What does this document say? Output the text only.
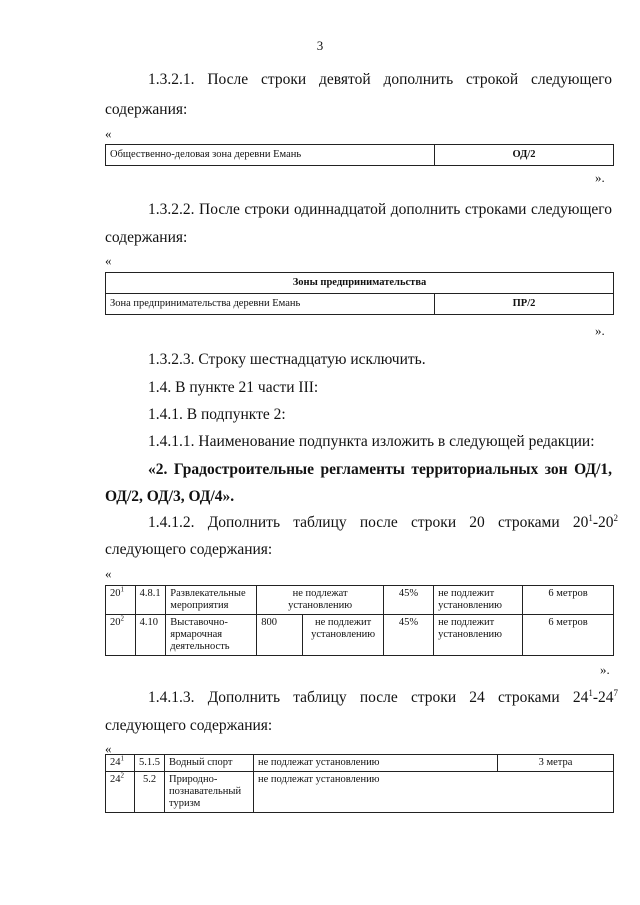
3
1.3.2.1. После строки девятой дополнить строкой следующего
содержания:
«
Общественно-деловая зона деревни Емань	ОД/2
».
1.3.2.2. После строки одиннадцатой дополнить строками следующего
содержания:
«
Зоны предпринимательства
Зона предпринимательства деревни Емань	ПР/2
».
1.3.2.3. Строку шестнадцатую исключить.
1.4. В пункте 21 части III:
1.4.1. В подпункте 2:
1.4.1.1. Наименование подпункта изложить в следующей редакции:
«2. Градостроительные регламенты территориальных зон ОД/1,
ОД/2, ОД/3, ОД/4».
1.4.1.2. Дополнить таблицу после строки 20 строками $20^1-20^2$
следующего содержания:
«
$20^1$	4.8.1	Развлекательные мероприятия	не подлежат установлению		45%	не подлежит установлению	6 метров
$20^2$	4.10	Выставочно-ярмарочная деятельность	800	не подлежит установлению	45%	не подлежит установлению	6 метров
».
1.4.1.3. Дополнить таблицу после строки 24 строками $24^1-24^7$
следующего содержания:
«
$24^1$	5.1.5	Водный спорт	не подлежат установлению	3 метра
$24^2$	5.2	Природно-познавательный туризм	не подлежат установлению	
